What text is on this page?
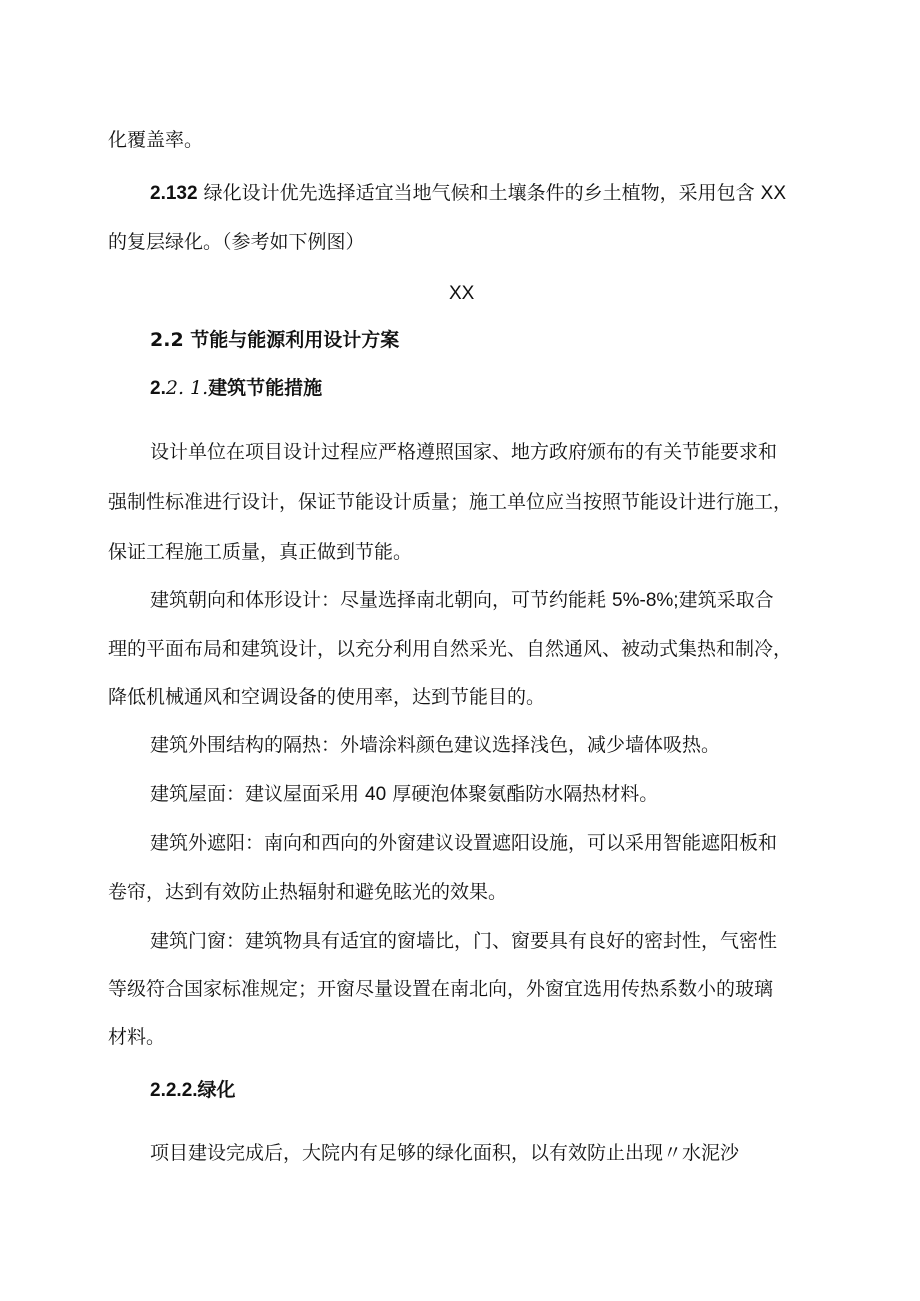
化覆盖率。
2.132 绿化设计优先选择适宜当地气候和土壤条件的乡土植物，采用包含 XX
的复层绿化。（参考如下例图）
XX
2.2 节能与能源利用设计方案
2.2. 1.建筑节能措施
设计单位在项目设计过程应严格遵照国家、地方政府颁布的有关节能要求和
强制性标准进行设计，保证节能设计质量；施工单位应当按照节能设计进行施工，
保证工程施工质量，真正做到节能。
建筑朝向和体形设计：尽量选择南北朝向，可节约能耗 5%-8%;建筑采取合
理的平面布局和建筑设计，以充分利用自然采光、自然通风、被动式集热和制冷，
降低机械通风和空调设备的使用率，达到节能目的。
建筑外围结构的隔热：外墙涂料颜色建议选择浅色，减少墙体吸热。
建筑屋面：建议屋面采用 40 厚硬泡体聚氨酯防水隔热材料。
建筑外遮阳：南向和西向的外窗建议设置遮阳设施，可以采用智能遮阳板和
卷帘，达到有效防止热辐射和避免眩光的效果。
建筑门窗：建筑物具有适宜的窗墙比，门、窗要具有良好的密封性，气密性
等级符合国家标准规定；开窗尽量设置在南北向，外窗宜选用传热系数小的玻璃
材料。
2.2.2.绿化
项目建设完成后，大院内有足够的绿化面积，以有效防止出现〃水泥沙
